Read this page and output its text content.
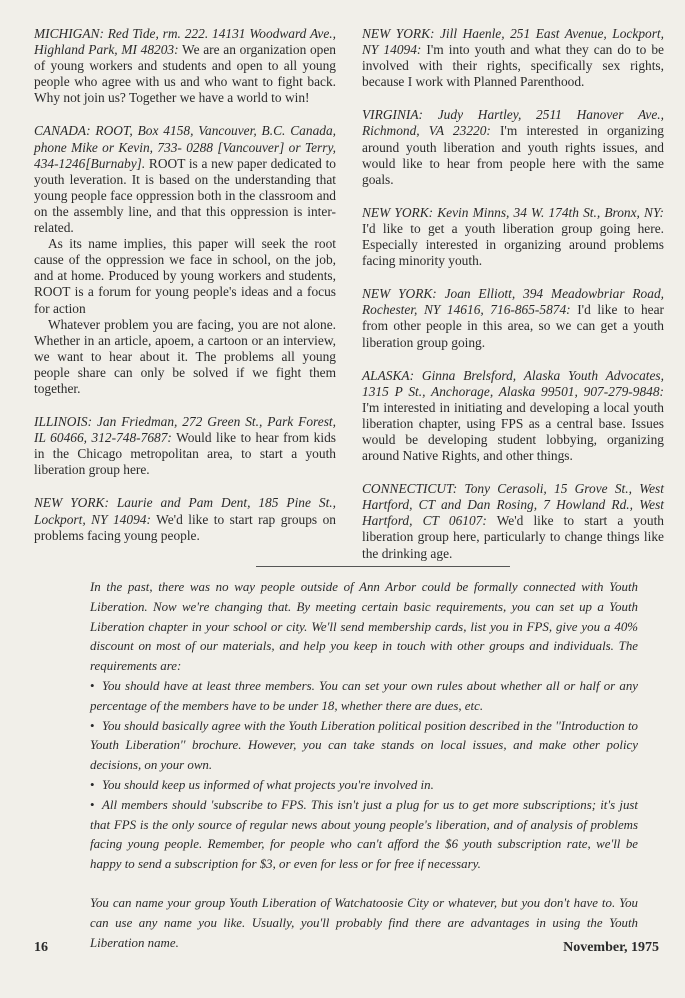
MICHIGAN: Red Tide, rm. 222. 14131 Woodward Ave., Highland Park, MI 48203: We are an organization open of young workers and students and open to all young people who agree with us and who want to fight back. Why not join us? Together we have a world to win!

CANADA: ROOT, Box 4158, Vancouver, B.C. Canada, phone Mike or Kevin, 733- 0288 [Vancouver] or Terry, 434-1246[Burnaby]. ROOT is a new paper dedicated to youth leveration. It is based on the understanding that young people face oppression both in the classroom and on the assembly line, and that this oppression is inter-related.

As its name implies, this paper will seek the root cause of the oppression we face in school, on the job, and at home. Produced by young workers and students, ROOT is a forum for young people's ideas and a focus for action

Whatever problem you are facing, you are not alone. Whether in an article, apoem, a cartoon or an interview, we want to hear about it. The problems all young people share can only be solved if we fight them together.

ILLINOIS: Jan Friedman, 272 Green St., Park Forest, IL 60466, 312-748-7687: Would like to hear from kids in the Chicago metropolitan area, to start a youth liberation group here.

NEW YORK: Laurie and Pam Dent, 185 Pine St., Lockport, NY 14094: We'd like to start rap groups on problems facing young people.

NEW YORK: Jill Haenle, 251 East Avenue, Lockport, NY 14094: I'm into youth and what they can do to be involved with their rights, specifically sex rights, because I work with Planned Parenthood.

VIRGINIA: Judy Hartley, 2511 Hanover Ave., Richmond, VA 23220: I'm interested in organizing around youth liberation and youth rights issues, and would like to hear from people here with the same goals.

NEW YORK: Kevin Minns, 34 W. 174th St., Bronx, NY: I'd like to get a youth liberation group going here. Especially interested in organizing around problems facing minority youth.

NEW YORK: Joan Elliott, 394 Meadowbriar Road, Rochester, NY 14616, 716-865-5874: I'd like to hear from other people in this area, so we can get a youth liberation group going.

ALASKA: Ginna Brelsford, Alaska Youth Advocates, 1315 P St., Anchorage, Alaska 99501, 907-279-9848: I'm interested in initiating and developing a local youth liberation chapter, using FPS as a central base. Issues would be developing student lobbying, organizing around Native Rights, and other things.

CONNECTICUT: Tony Cerasoli, 15 Grove St., West Hartford, CT and Dan Rosing, 7 Howland Rd., West Hartford, CT 06107: We'd like to start a youth liberation group here, particularly to change things like the drinking age.

In the past, there was no way people outside of Ann Arbor could be formally connected with Youth Liberation. Now we're changing that. By meeting certain basic requirements, you can set up a Youth Liberation chapter in your school or city. We'll send membership cards, list you in FPS, give you a 40% discount on most of our materials, and help you keep in touch with other groups and individuals. The requirements are:

• You should have at least three members. You can set your own rules about whether all or half or any percentage of the members have to be under 18, whether there are dues, etc.

• You should basically agree with the Youth Liberation political position described in the ''Introduction to Youth Liberation'' brochure. However, you can take stands on local issues, and make other policy decisions, on your own.

• You should keep us informed of what projects you're involved in.

• All members should 'subscribe to FPS. This isn't just a plug for us to get more subscriptions; it's just that FPS is the only source of regular news about young people's liberation, and of analysis of problems facing young people. Remember, for people who can't afford the $6 youth subscription rate, we'll be happy to send a subscription for $3, or even for less or for free if necessary.

You can name your group Youth Liberation of Watchatoosie City or whatever, but you don't have to. You can use any name you like. Usually, you'll probably find there are advantages in using the Youth Liberation name.

16	November, 1975
